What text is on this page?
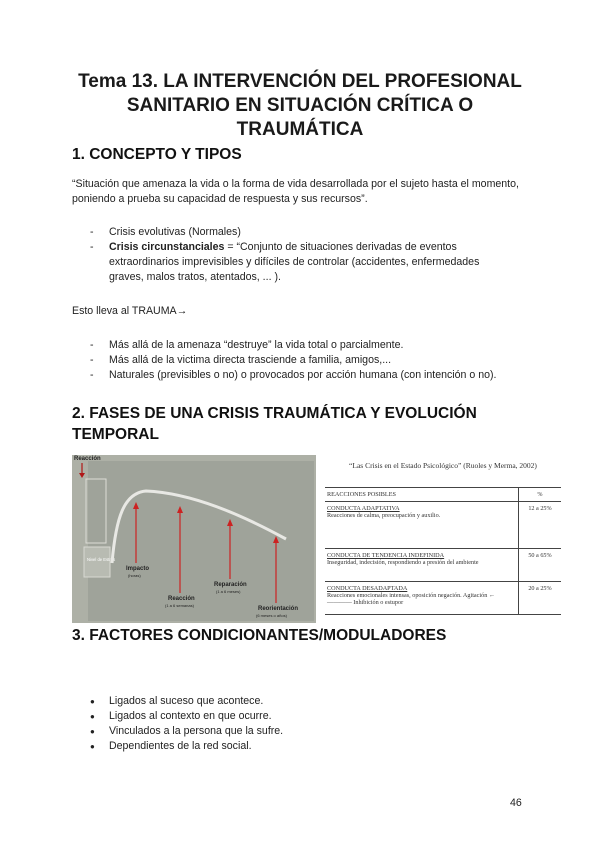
Tema 13. LA INTERVENCIÓN DEL PROFESIONAL SANITARIO EN SITUACIÓN CRÍTICA O TRAUMÁTICA
1. CONCEPTO Y TIPOS
“Situación que amenaza la vida o la forma de vida desarrollada por el sujeto hasta el momento, poniendo a prueba su capacidad de respuesta y sus recursos”.
- Crisis evolutivas (Normales)
- Crisis circunstanciales = “Conjunto de situaciones derivadas de eventos extraordinarios imprevisibles y difíciles de controlar (accidentes, enfermedades graves, malos tratos, atentados, ... ).
Esto lleva al TRAUMA→
- Más allá de la amenaza “destruye” la vida total o parcialmente.
- Más allá de la victima directa trasciende a familia, amigos,...
- Naturales (previsibles o no) o provocados por acción humana (con intención o no).
2. FASES DE UNA CRISIS TRAUMÁTICA Y EVOLUCIÓN TEMPORAL
Reacción
Nivel de Estrés
Impacto
(horas)
Reacción
(1 a 6 semanas)
Reparación
(1 a 6 meses)
Reorientación
(6 meses o años)
“Las Crisis en el Estado Psicológico” (Ruoles y Merma, 2002)
REACCIONES POSIBLES	%

CONDUCTA ADAPTATIVA
Reacciones de calma, preocupación y auxilio.	12 a 25%

CONDUCTA DE TENDENCIA INDEFINIDA
Inseguridad, indecisión, respondiendo a presión del ambiente	50 a 65%

CONDUCTA DESADAPTADA
Reacciones emocionales intensas, oposición negación. Agitación ←———— Inhibición o estupor	20 a 25%
3. FACTORES CONDICIONANTES/MODULADORES
● Ligados al suceso que acontece.
● Ligados al contexto en que ocurre.
● Vinculados a la persona que la sufre.
● Dependientes de la red social.
46
